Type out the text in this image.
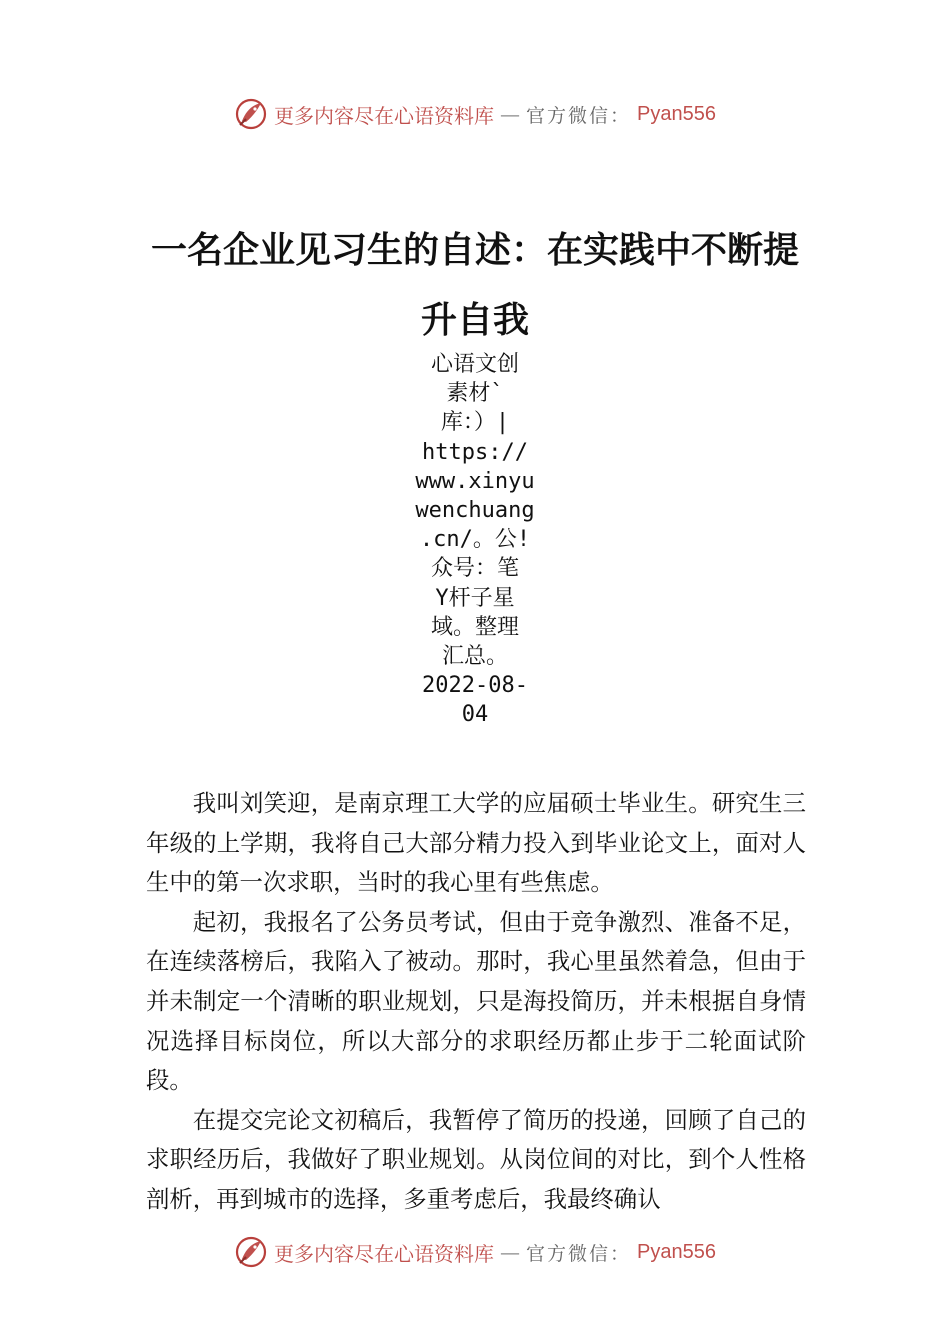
更多内容尽在心语资料库 — 官方微信： Pyan556
一名企业见习生的自述：在实践中不断提
升自我
心语文创
素材`
库：）|
https://
www.xinyu
wenchuang
.cn/。公!
众号：笔
Y杆子星
域。整理
汇总。
2022-08-
04

我叫刘笑迎，是南京理工大学的应届硕士毕业生。研究生三年级的上学期，我将自己大部分精力投入到毕业论文上，面对人生中的第一次求职，当时的我心里有些焦虑。

起初，我报名了公务员考试，但由于竞争激烈、准备不足，在连续落榜后，我陷入了被动。那时，我心里虽然着急，但由于并未制定一个清晰的职业规划，只是海投简历，并未根据自身情况选择目标岗位，所以大部分的求职经历都止步于二轮面试阶段。

在提交完论文初稿后，我暂停了简历的投递，回顾了自己的求职经历后，我做好了职业规划。从岗位间的对比，到个人性格剖析，再到城市的选择，多重考虑后，我最终确认

更多内容尽在心语资料库 — 官方微信： Pyan556
